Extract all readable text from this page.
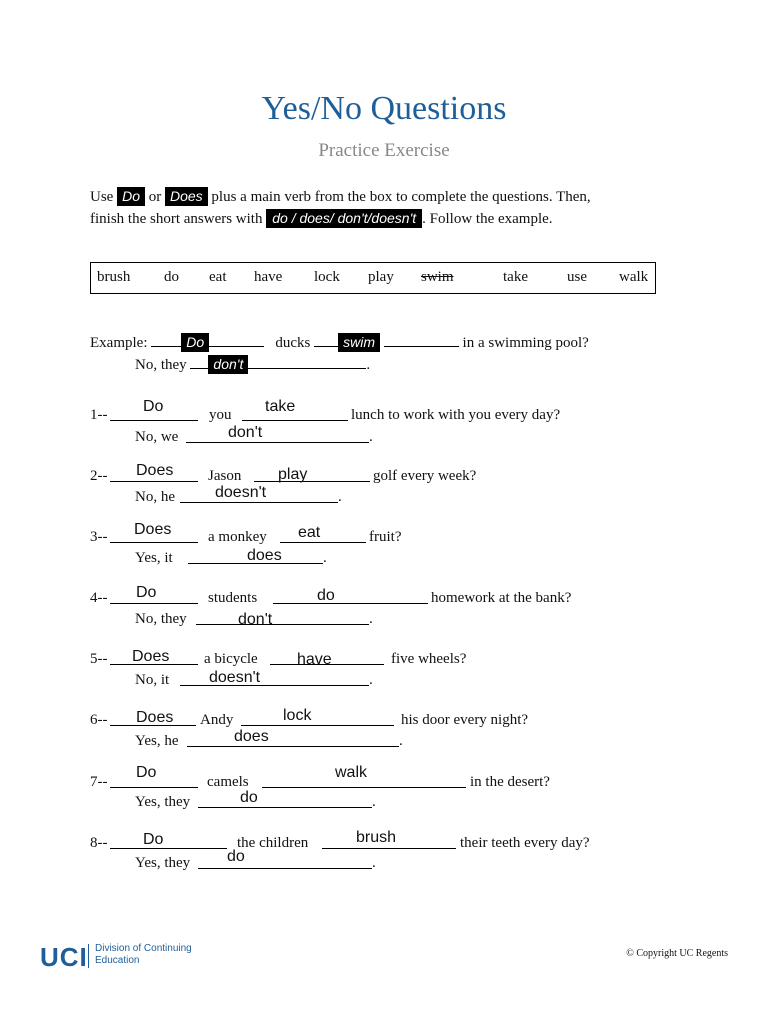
Yes/No Questions
Practice Exercise
Use Do or Does plus a main verb from the box to complete the questions. Then,
finish the short answers with do / does/ don't/doesn't . Follow the example.
brush do eat have lock play swim	take	use walk
Example:	Do	ducks swim	in a swimming pool?
No, they don't	.
1-- Do	you take	lunch to work with you every day?
No, we	don't	.
2-- Does Jason play	golf every week?
No, he	doesn't	.
3-- Does a monkey eat	fruit?
Yes, it	does	.
4-- Do	students	do	homework at the bank?
No, they	don't	.
5-- Does a bicycle have	five wheels?
No, it doesn't	.
6-- Does Andy	lock	his door every night?
Yes, he	does	.
7--
Do
camels
walk
in the desert?
Yes, they	do	.
8-- Do	the children	brush	their teeth every day?
Yes, they do	.
UCI Division of Continuing Education
© Copyright UC Regents
